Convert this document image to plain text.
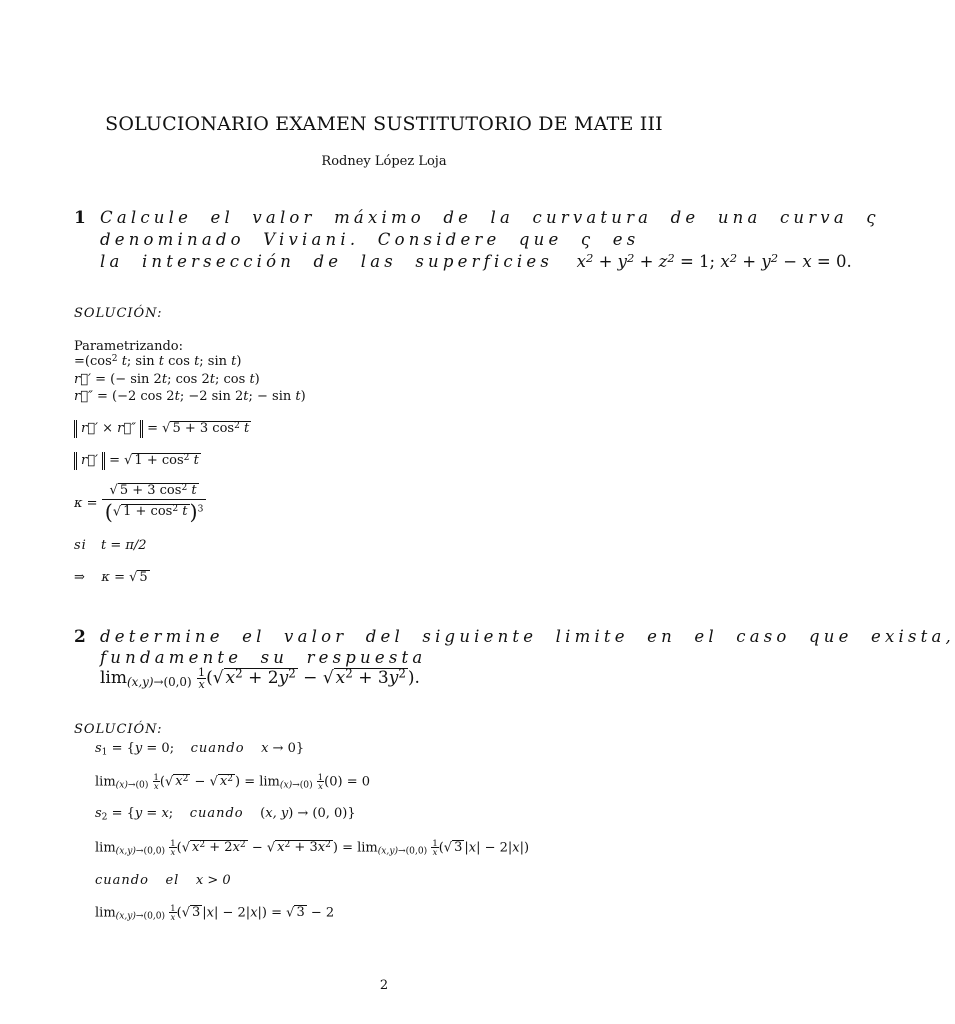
SOLUCIONARIO EXAMEN SUSTITUTORIO DE MATE III
Rodney López Loja
1 Calcule el valor máximo de la curvatura de una curva ς
denominado Viviani. Considere que ς es
la intersección de las superficies  $x^2 + y^2 + z^2 = 1$; $x^2 + y^2 - x = 0$.
SOLUCIÓN:
Parametrizando:
$=(\cos^2$ t; sin t cos t; sin t)
r⃗′ = (− sin 2t; cos 2t; cos t)
r⃗″ = (−2 cos 2t; −2 sin 2t; − sin t)
r⃗′ × r⃗″ = √ 5 + 3 $\cos^2 t$
r⃗′ = √ $1 + \cos^2 t$
$\kappa = \frac{√ 5 + 3 \cos^2 t}{(√ 1 + \cos^2 t)^3}$
si t = π/2
⇒    κ = √ 5
2 determine el valor del siguiente limite en el caso que exista,
fundamente su respuesta
$\lim_{(x,y)\to(0,0)} \frac{1}{x}$ (√ $x^2 + 2y^2$ − √ $x^2 + 3y^2$ ).
SOLUCIÓN:
$s_1 = \{y = 0$;    cuando x → 0}
$\lim_{(x)\to(0)} \frac{1}{x}$ (√ $x^2$ − √ $x^2$ ) = $\lim_{(x)\to(0)} \frac{1}{x} (0) = 0$
$s_2 = \{y = x$;    cuando    (x, y) → (0, 0)}
$\lim_{(x,y)\to(0,0)} \frac{1}{x}$ (√ $x^2 + 2x^2$ − √ $x^2 + 3x^2$ ) = $\lim_{(x,y)\to(0,0)} \frac{1}{x}$ (√ 3 |x| − 2|x|)
cuando el x > 0
$\lim_{(x,y)\to(0,0)} \frac{1}{x}$ (√ 3 |x| − 2|x|) = √ 3 − 2
2
